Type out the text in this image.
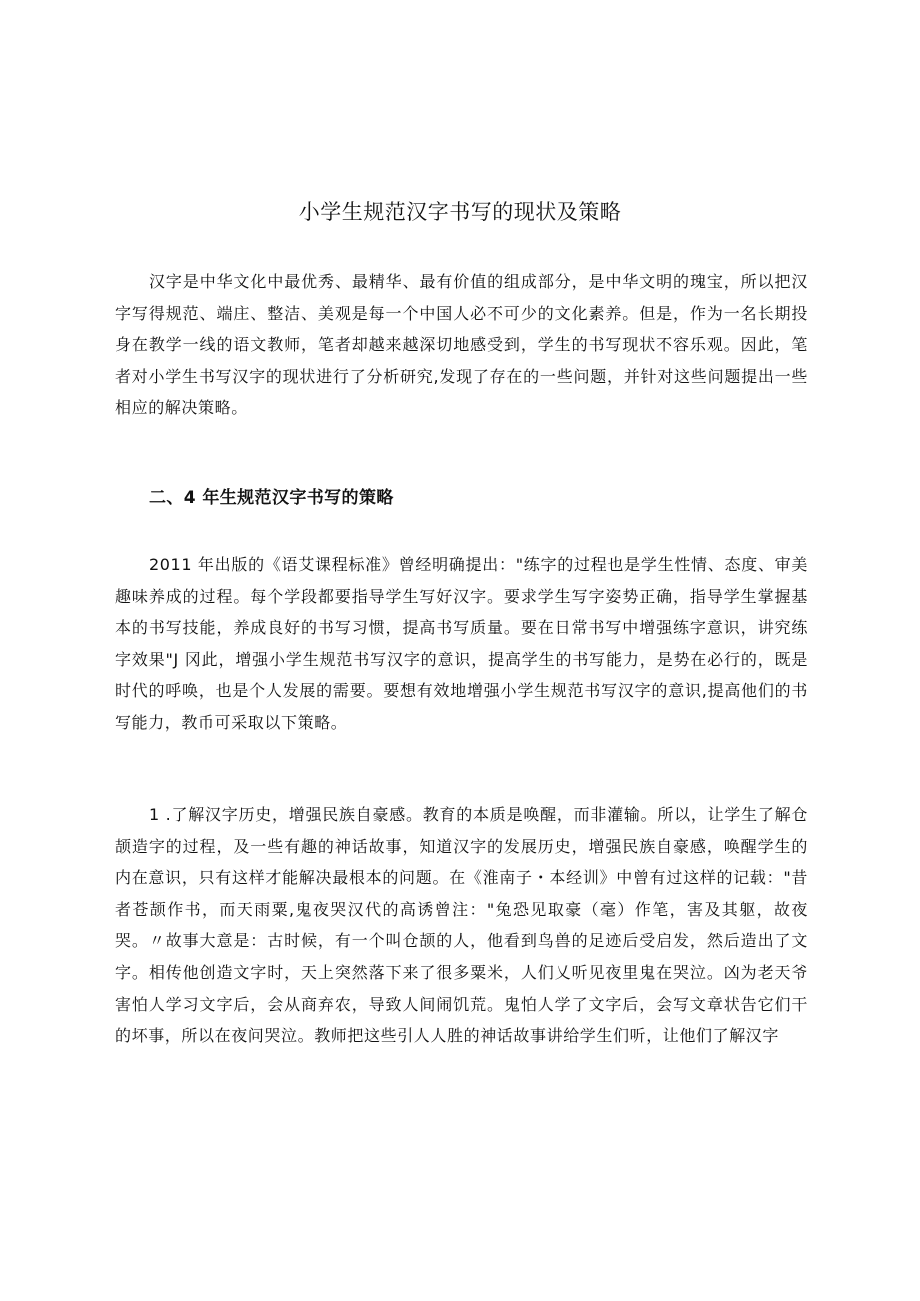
小学生规范汉字书写的现状及策略

汉字是中华文化中最优秀、最精华、最有价值的组成部分，是中华文明的瑰宝，所以把汉字写得规范、端庄、整洁、美观是每一个中国人必不可少的文化素养。但是，作为一名长期投身在教学一线的语文教师，笔者却越来越深切地感受到，学生的书写现状不容乐观。因此，笔者对小学生书写汉字的现状进行了分析研究,发现了存在的一些问题，并针对这些问题提出一些相应的解决策略。

二、4 年生规范汉字书写的策略

2011 年出版的《语艾课程标准》曾经明确提出："练字的过程也是学生性情、态度、审美趣味养成的过程。每个学段都要指导学生写好汉字。要求学生写字姿势正确，指导学生掌握基本的书写技能，养成良好的书写习惯，提高书写质量。要在日常书写中增强练字意识，讲究练字效果"J 冈此，增强小学生规范书写汉字的意识，提高学生的书写能力，是势在必行的，既是时代的呼唤，也是个人发展的需要。要想有效地增强小学生规范书写汉字的意识,提高他们的书写能力，教币可采取以下策略。

1 .了解汉字历史，增强民族自豪感。教育的本质是唤醒，而非灌输。所以，让学生了解仓颉造字的过程，及一些有趣的神话故事，知道汉字的发展历史，增强民族自豪感，唤醒学生的内在意识，只有这样才能解决最根本的问题。在《淮南子・本经训》中曾有过这样的记载："昔者苍颉作书，而天雨粟,鬼夜哭汉代的高诱曾注："兔恐见取豪（毫）作笔，害及其躯，故夜哭。〃故事大意是：古时候，有一个叫仓颉的人，他看到鸟兽的足迹后受启发，然后造出了文字。相传他创造文字时，天上突然落下来了很多粟米，人们乂听见夜里鬼在哭泣。凶为老天爷害怕人学习文字后，会从商弃农，导致人间闹饥荒。鬼怕人学了文字后，会写文章状告它们干的坏事，所以在夜问哭泣。教师把这些引人人胜的神话故事讲给学生们听，让他们了解汉字
